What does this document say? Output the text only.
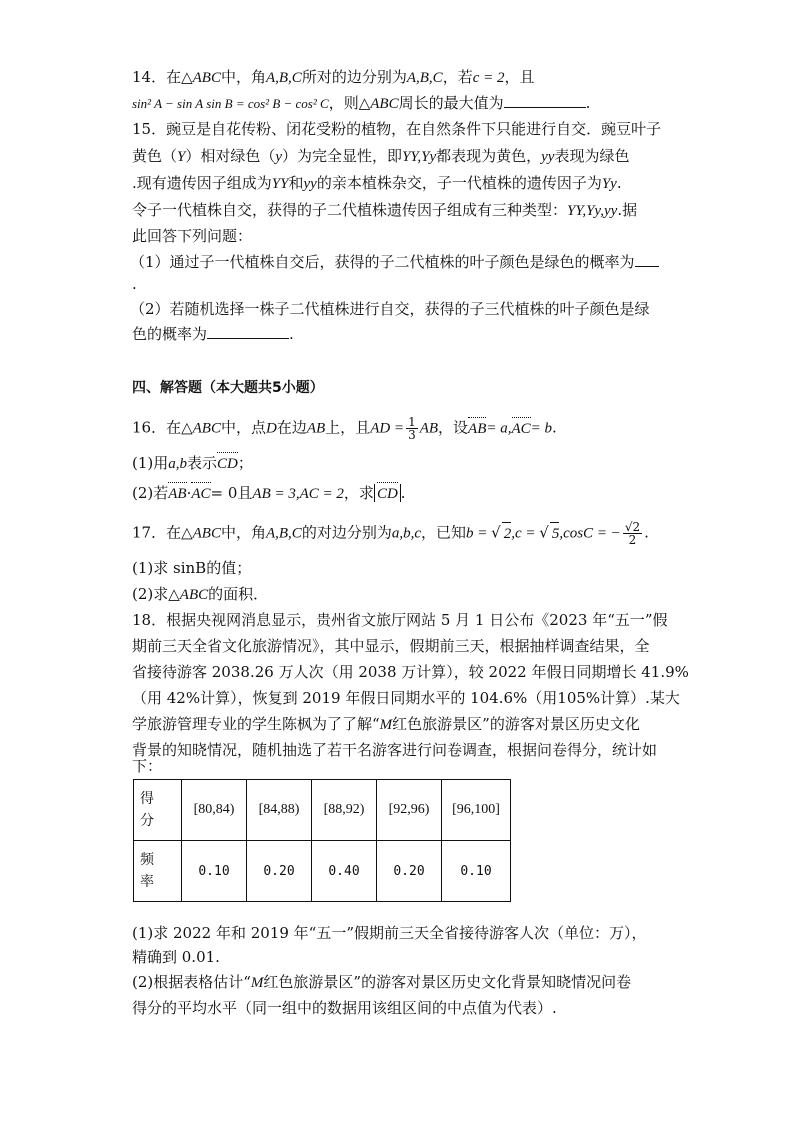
14．在△ABC中，角A,B,C所对的边分别为A,B,C，若c = 2，且
sin² A − sin A sin B = cos² B − cos² C，则△ABC周长的最大值为	.
15．豌豆是自花传粉、闭花受粉的植物，在自然条件下只能进行自交．豌豆叶子
黄色（Y）相对绿色（y）为完全显性，即YY,Yy都表现为黄色，yy表现为绿色
.现有遗传因子组成为YY和yy的亲本植株杂交，子一代植株的遗传因子为Yy.
令子一代植株自交，获得的子二代植株遗传因子组成有三种类型：YY,Yy,yy.据
此回答下列问题：
（1）通过子一代植株自交后，获得的子二代植株的叶子颜色是绿色的概率为
.
（2）若随机选择一株子二代植株进行自交，获得的子三代植株的叶子颜色是绿
色的概率为	.
四、解答题（本大题共5小题）
16．在△ABC中，点D在边AB上，且AD = $\frac{1}{3}$ AB，设AB= a,AC= b.
(1)用a,b表示CD；
(2)若AB·AC= 0且AB = 3,AC = 2，求 CD .
17．在△ABC中，角A,B,C的对边分别为a,b,c，已知b = √ 2,c = √ 5,cosC = − $\frac{√2}{2}$ .
(1)求 sinB的值；
(2)求△ABC的面积．
18．根据央视网消息显示，贵州省文旅厅网站 5 月 1 日公布《2023 年“五一”假
期前三天全省文化旅游情况》，其中显示，假期前三天，根据抽样调查结果，全
省接待游客 2038.26 万人次（用 2038 万计算），较 2022 年假日同期增长 41.9%
（用 42%计算），恢复到 2019 年假日同期水平的 104.6%（用105%计算）.某大
学旅游管理专业的学生陈枫为了了解“M红色旅游景区”的游客对景区历史文化
背景的知晓情况，随机抽选了若干名游客进行问卷调查，根据问卷得分，统计如
下：
得
分	[80,84)	[84,88)	[88,92)	[92,96)	[96,100]
频
率	0.10	0.20	0.40	0.20	0.10
(1)求 2022 年和 2019 年“五一”假期前三天全省接待游客人次（单位：万），
精确到 0.01.
(2)根据表格估计“M红色旅游景区”的游客对景区历史文化背景知晓情况问卷
得分的平均水平（同一组中的数据用该组区间的中点值为代表）.
